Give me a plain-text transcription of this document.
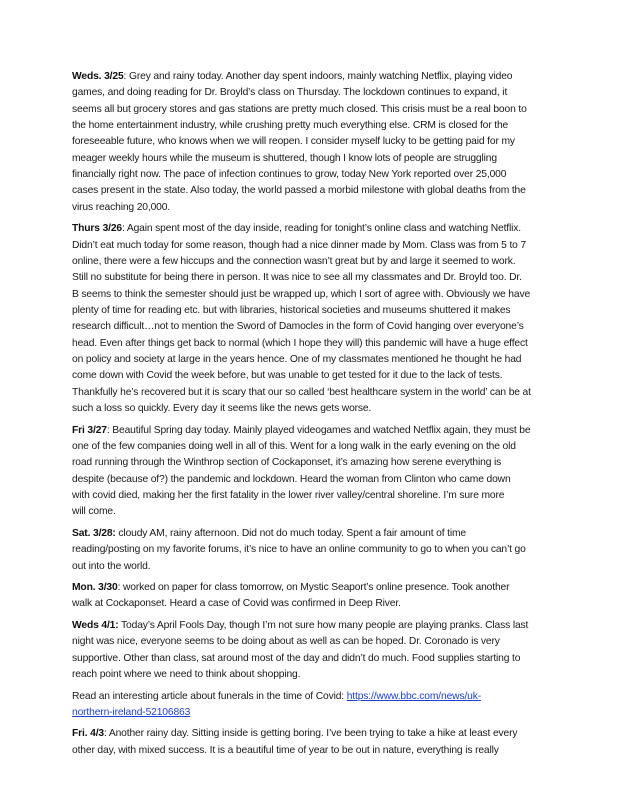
Weds. 3/25: Grey and rainy today. Another day spent indoors, mainly watching Netflix, playing video
games, and doing reading for Dr. Broyld’s class on Thursday. The lockdown continues to expand, it
seems all but grocery stores and gas stations are pretty much closed. This crisis must be a real boon to
the home entertainment industry, while crushing pretty much everything else. CRM is closed for the
foreseeable future, who knows when we will reopen. I consider myself lucky to be getting paid for my
meager weekly hours while the museum is shuttered, though I know lots of people are struggling
financially right now. The pace of infection continues to grow, today New York reported over 25,000
cases present in the state. Also today, the world passed a morbid milestone with global deaths from the
virus reaching 20,000.
Thurs 3/26: Again spent most of the day inside, reading for tonight’s online class and watching Netflix.
Didn’t eat much today for some reason, though had a nice dinner made by Mom. Class was from 5 to 7
online, there were a few hiccups and the connection wasn’t great but by and large it seemed to work.
Still no substitute for being there in person. It was nice to see all my classmates and Dr. Broyld too. Dr.
B seems to think the semester should just be wrapped up, which I sort of agree with. Obviously we have
plenty of time for reading etc. but with libraries, historical societies and museums shuttered it makes
research difficult…not to mention the Sword of Damocles in the form of Covid hanging over everyone’s
head. Even after things get back to normal (which I hope they will) this pandemic will have a huge effect
on policy and society at large in the years hence. One of my classmates mentioned he thought he had
come down with Covid the week before, but was unable to get tested for it due to the lack of tests.
Thankfully he’s recovered but it is scary that our so called ‘best healthcare system in the world’ can be at
such a loss so quickly. Every day it seems like the news gets worse.
Fri 3/27: Beautiful Spring day today. Mainly played videogames and watched Netflix again, they must be
one of the few companies doing well in all of this. Went for a long walk in the early evening on the old
road running through the Winthrop section of Cockaponset, it’s amazing how serene everything is
despite (because of?) the pandemic and lockdown. Heard the woman from Clinton who came down
with covid died, making her the first fatality in the lower river valley/central shoreline. I’m sure more
will come.
Sat. 3/28: cloudy AM, rainy afternoon. Did not do much today. Spent a fair amount of time
reading/posting on my favorite forums, it’s nice to have an online community to go to when you can’t go
out into the world.
Mon. 3/30: worked on paper for class tomorrow, on Mystic Seaport’s online presence. Took another
walk at Cockaponset. Heard a case of Covid was confirmed in Deep River.
Weds 4/1: Today’s April Fools Day, though I’m not sure how many people are playing pranks. Class last
night was nice, everyone seems to be doing about as well as can be hoped. Dr. Coronado is very
supportive. Other than class, sat around most of the day and didn’t do much. Food supplies starting to
reach point where we need to think about shopping.
Read an interesting article about funerals in the time of Covid: https://www.bbc.com/news/uk-
northern-ireland-52106863
Fri. 4/3: Another rainy day. Sitting inside is getting boring. I’ve been trying to take a hike at least every
other day, with mixed success. It is a beautiful time of year to be out in nature, everything is really
